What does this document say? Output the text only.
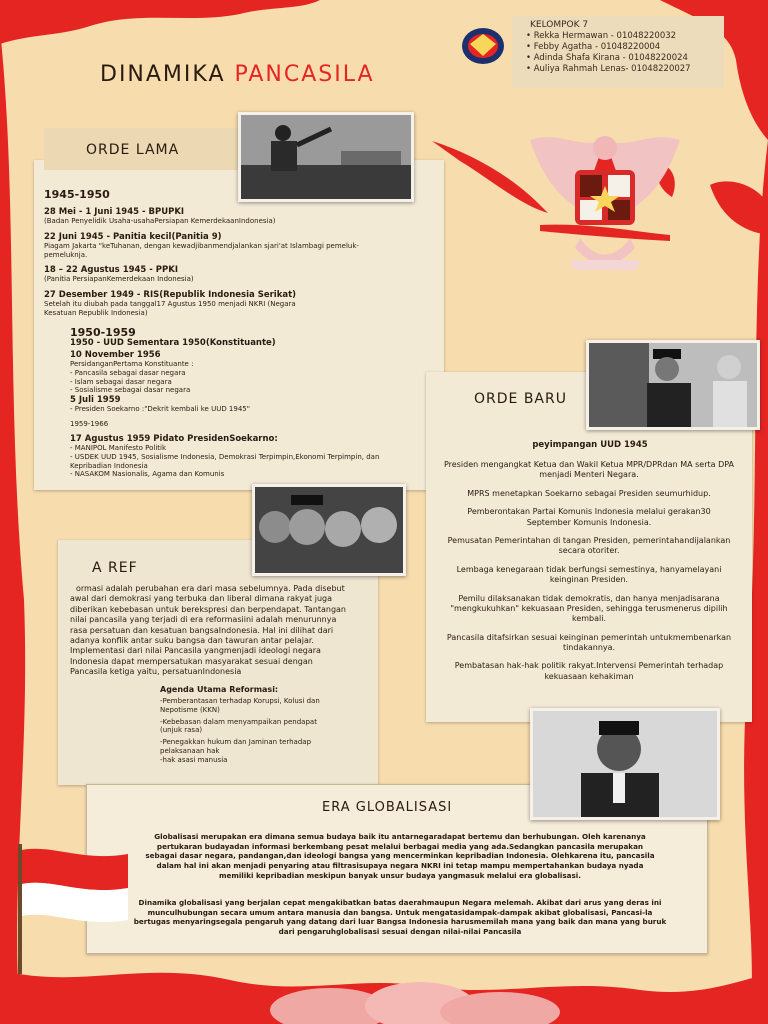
KELOMPOK 7
• Rekka Hermawan - 01048220032
• Febby Agatha - 01048220004
• Adinda Shafa Kirana - 01048220024
• Auliya Rahmah Lenas- 01048220027
DINAMIKA PANCASILA
ORDE LAMA
1945-1950
28 Mei - 1 Juni 1945 - BPUPKI
(Badan Penyelidik Usaha-usahaPersiapan KemerdekaanIndonesia)
22 Juni 1945 - Panitia kecil(Panitia 9)
Piagam Jakarta "keTuhanan, dengan kewadjibanmendjalankan sjari'at Islambagi pemeluk-pemeluknja.
18 – 22 Agustus 1945 - PPKI
(Panitia PersiapanKemerdekaan Indonesia)
27 Desember 1949 - RIS(Republik Indonesia Serikat)
Setelah itu diubah pada tanggal17 Agustus 1950 menjadi NKRI (Negara Kesatuan Republik Indonesia)
1950-1959
1950 - UUD Sementara 1950(Konstituante)
10 November 1956
PersidanganPertama Konstituante :
- Pancasila sebagai dasar negara
- Islam sebagai dasar negara
- Sosialisme sebagai dasar negara
5 Juli 1959
- Presiden Soekarno :"Dekrit kembali ke UUD 1945"
1959-1966
17 Agustus 1959 Pidato PresidenSoekarno:
- MANIPOL Manifesto Politik
- USDEK UUD 1945, Sosialisme Indonesia, Demokrasi Terpimpin,Ekonomi Terpimpin, dan Kepribadian Indonesia
- NASAKOM Nasionalis, Agama dan Komunis
ORDE BARU
peyimpangan UUD 1945
Presiden mengangkat Ketua dan Wakil Ketua MPR/DPRdan MA serta DPA menjadi Menteri Negara.
MPRS menetapkan Soekarno sebagai Presiden seumurhidup.
Pemberontakan Partai Komunis Indonesia melalui gerakan30 September Komunis Indonesia.
Pemusatan Pemerintahan di tangan Presiden, pemerintahandijalankan secara otoriter.
Lembaga kenegaraan tidak berfungsi semestinya, hanyamelayani keinginan Presiden.
Pemilu dilaksanakan tidak demokratis, dan hanya menjadisarana "mengkukuhkan" kekuasaan Presiden, sehingga terusmenerus dipilih kembali.
Pancasila ditafsirkan sesuai keinginan pemerintah untukmembenarkan tindakannya.
Pembatasan hak-hak politik rakyat.Intervensi Pemerintah terhadap kekuasaan kehakiman
A REF
ormasi adalah perubahan era dari masa sebelumnya. Pada disebut awal dari demokrasi yang terbuka dan liberal dimana rakyat juga diberikan kebebasan untuk berekspresi dan berpendapat. Tantangan nilai pancasila yang terjadi di era reformasiini adalah menurunnya rasa persatuan dan kesatuan bangsaIndonesia. Hal ini dilihat dari adanya konflik antar suku bangsa dan tawuran antar pelajar. Implementasi dari nilai Pancasila yangmenjadi ideologi negara Indonesia dapat mempersatukan masyarakat sesuai dengan Pancasila ketiga yaitu, persatuanIndonesia
Agenda Utama Reformasi:
-Pemberantasan terhadap Korupsi, Kolusi dan Nepotisme (KKN)
-Kebebasan dalam menyampaikan pendapat (unjuk rasa)
-Penegakkan hukum dan Jaminan terhadap pelaksanaan hak
-hak asasi manusia
ERA GLOBALISASI
Globalisasi merupakan era dimana semua budaya baik itu antarnegaradapat bertemu dan berhubungan. Oleh karenanya pertukaran budayadan informasi berkembang pesat melalui berbagai media yang ada.Sedangkan pancasila merupakan sebagai dasar negara, pandangan,dan ideologi bangsa yang mencerminkan kepribadian Indonesia. Olehkarena itu, pancasila dalam hal ini akan menjadi penyaring atau filtrasisupaya negara NKRI ini tetap mampu mempertahankan budaya nyada memiliki kepribadian meskipun banyak unsur budaya yangmasuk melalui era globalisasi.
Dinamika globalisasi yang berjalan cepat mengakibatkan batas daerahmaupun Negara melemah. Akibat dari arus yang deras ini munculhubungan secara umum antara manusia dan bangsa. Untuk mengatasidampak-dampak akibat globalisasi, Pancasi-la bertugas menyaringsegala pengaruh yang datang dari luar Bangsa Indonesia harusmemilah mana yang baik dan mana yang buruk dari pengaruhglobalisasi sesuai dengan nilai-nilai Pancasila
